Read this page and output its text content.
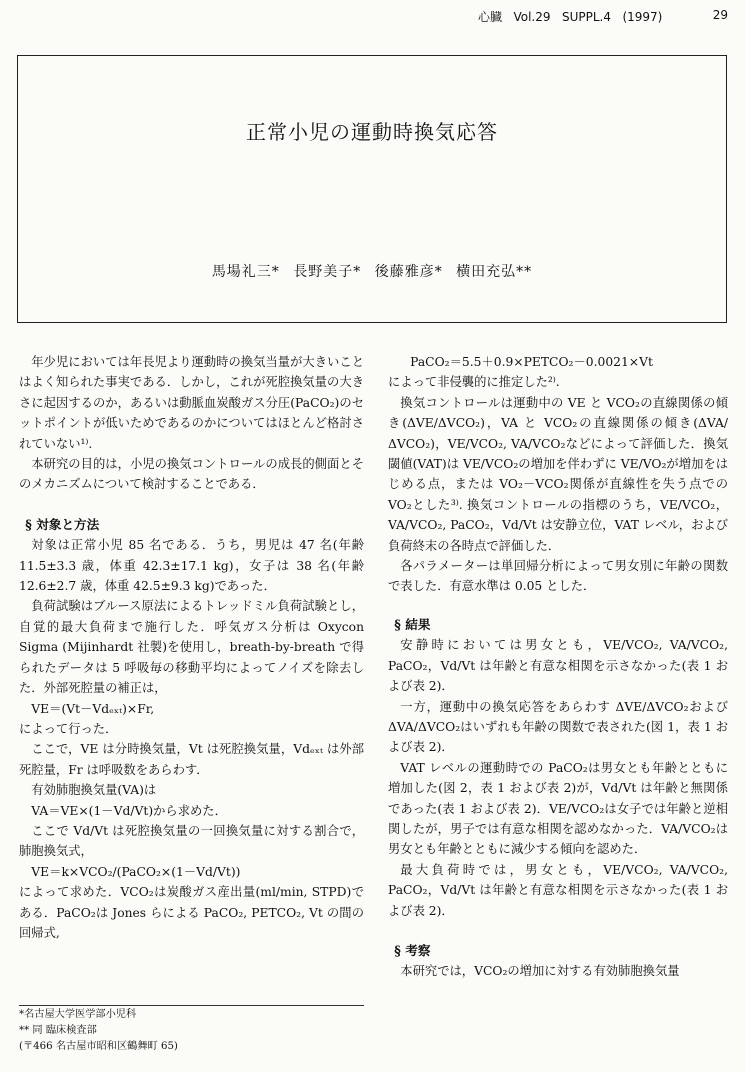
心臓 Vol.29 SUPPL.4 (1997)	29
正常小児の運動時換気応答
馬場礼三* 長野美子* 後藤雅彦* 横田充弘**

年少児においては年長児より運動時の換気当量が大きいことはよく知られた事実である．しかし，これが死腔換気量の大きさに起因するのか，あるいは動脈血炭酸ガス分圧(PaCO₂)のセットポイントが低いためであるのかについてはほとんど格討されていない¹⁾.

本研究の目的は，小児の換気コントロールの成長的側面とそのメカニズムについて検討することである．

§ 対象と方法

対象は正常小児 85 名である．うち，男児は 47 名(年齢 11.5±3.3 歳，体重 42.3±17.1 kg)，女子は 38 名(年齢 12.6±2.7 歳，体重 42.5±9.3 kg)であった．

負荷試験はブルース原法によるトレッドミル負荷試験とし，自覚的最大負荷まで施行した．呼気ガス分析は Oxycon Sigma (Mijinhardt 社製)を使用し，breath-by-breath で得られたデータは 5 呼吸毎の移動平均によってノイズを除去した．外部死腔量の補正は，

VE＝(Vt－Vdₑₓₜ)×Fr,

によって行った．

ここで，VE は分時換気量，Vt は死腔換気量，Vdₑₓₜ は外部死腔量，Fr は呼吸数をあらわす．

有効肺胞換気量(VA)は

VA＝VE×(1－Vd/Vt)から求めた．

ここで Vd/Vt は死腔換気量の一回換気量に対する割合で，肺胞換気式，

VE＝k×VCO₂/(PaCO₂×(1－Vd/Vt))

によって求めた．VCO₂は炭酸ガス産出量(ml/min, STPD)である．PaCO₂は Jones らによる PaCO₂, PETCO₂, Vt の間の回帰式,

PaCO₂＝5.5＋0.9×PETCO₂－0.0021×Vt

によって非侵襲的に推定した²⁾.

換気コントロールは運動中の VE と VCO₂の直線関係の傾き(ΔVE/ΔVCO₂)，VA と VCO₂の直線関係の傾き(ΔVA/ΔVCO₂)，VE/VCO₂, VA/VCO₂などによって評価した．換気閾値(VAT)は VE/VCO₂の増加を伴わずに VE/VO₂が増加をはじめる点，または VO₂－VCO₂関係が直線性を失う点での VO₂とした³⁾. 換気コントロールの指標のうち，VE/VCO₂，VA/VCO₂, PaCO₂，Vd/Vt は安静立位，VAT レベル，および負荷終末の各時点で評価した．

各パラメーターは単回帰分析によって男女別に年齢の関数で表した．有意水準は 0.05 とした．

§ 結果

安静時においては男女とも，VE/VCO₂, VA/VCO₂, PaCO₂，Vd/Vt は年齢と有意な相関を示さなかった(表 1 および表 2)．

一方，運動中の換気応答をあらわす ΔVE/ΔVCO₂および ΔVA/ΔVCO₂はいずれも年齢の関数で表された(図 1，表 1 および表 2)．

VAT レベルの運動時での PaCO₂は男女とも年齢とともに増加した(図 2，表 1 および表 2)が，Vd/Vt は年齢と無関係であった(表 1 および表 2)．VE/VCO₂は女子では年齢と逆相関したが，男子では有意な相関を認めなかった．VA/VCO₂は男女とも年齢とともに減少する傾向を認めた．

最大負荷時では，男女とも，VE/VCO₂, VA/VCO₂, PaCO₂，Vd/Vt は年齢と有意な相関を示さなかった(表 1 および表 2)．

§ 考察

本研究では，VCO₂の増加に対する有効肺胞換気量

*名古屋大学医学部小児科

** 同 臨床検査部

(〒466 名古屋市昭和区鶴舞町 65)
